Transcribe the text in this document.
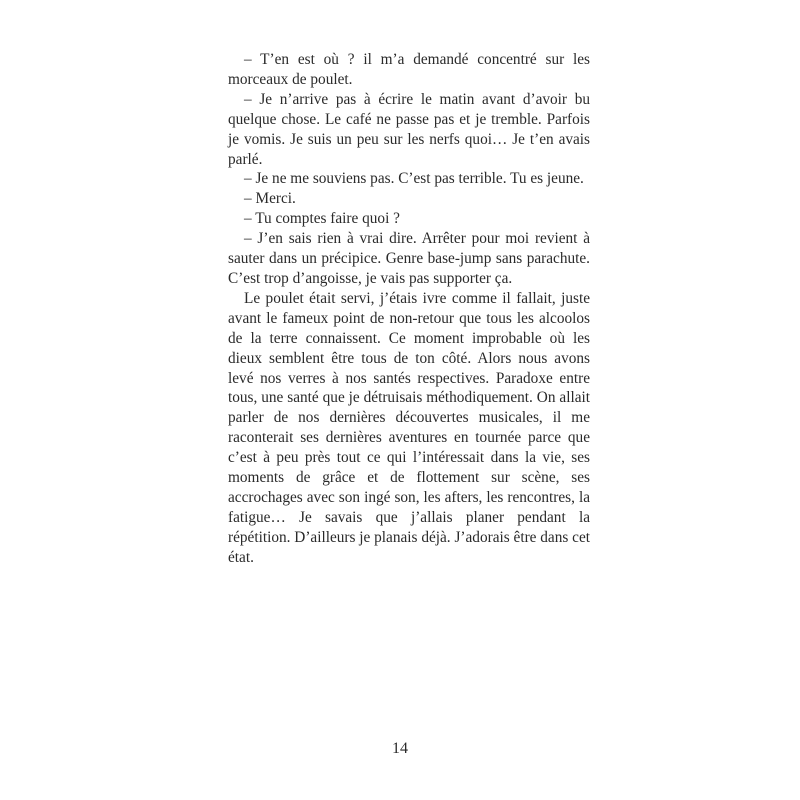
– T’en est où ? il m’a demandé concentré sur les morceaux de poulet.

– Je n’arrive pas à écrire le matin avant d’avoir bu quelque chose. Le café ne passe pas et je tremble. Parfois je vomis. Je suis un peu sur les nerfs quoi… Je t’en avais parlé.

– Je ne me souviens pas. C’est pas terrible. Tu es jeune.

– Merci.

– Tu comptes faire quoi ?

– J’en sais rien à vrai dire. Arrêter pour moi revient à sauter dans un précipice. Genre base-jump sans parachute. C’est trop d’angoisse, je vais pas supporter ça.

Le poulet était servi, j’étais ivre comme il fallait, juste avant le fameux point de non-retour que tous les alcoolos de la terre connaissent. Ce moment improbable où les dieux semblent être tous de ton côté. Alors nous avons levé nos verres à nos santés respectives. Paradoxe entre tous, une santé que je détruisais méthodiquement. On allait parler de nos dernières découvertes musicales, il me raconterait ses dernières aventures en tournée parce que c’est à peu près tout ce qui l’intéressait dans la vie, ses moments de grâce et de flottement sur scène, ses accrochages avec son ingé son, les afters, les rencontres, la fatigue… Je savais que j’allais planer pendant la répétition. D’ailleurs je planais déjà. J’adorais être dans cet état.

14
